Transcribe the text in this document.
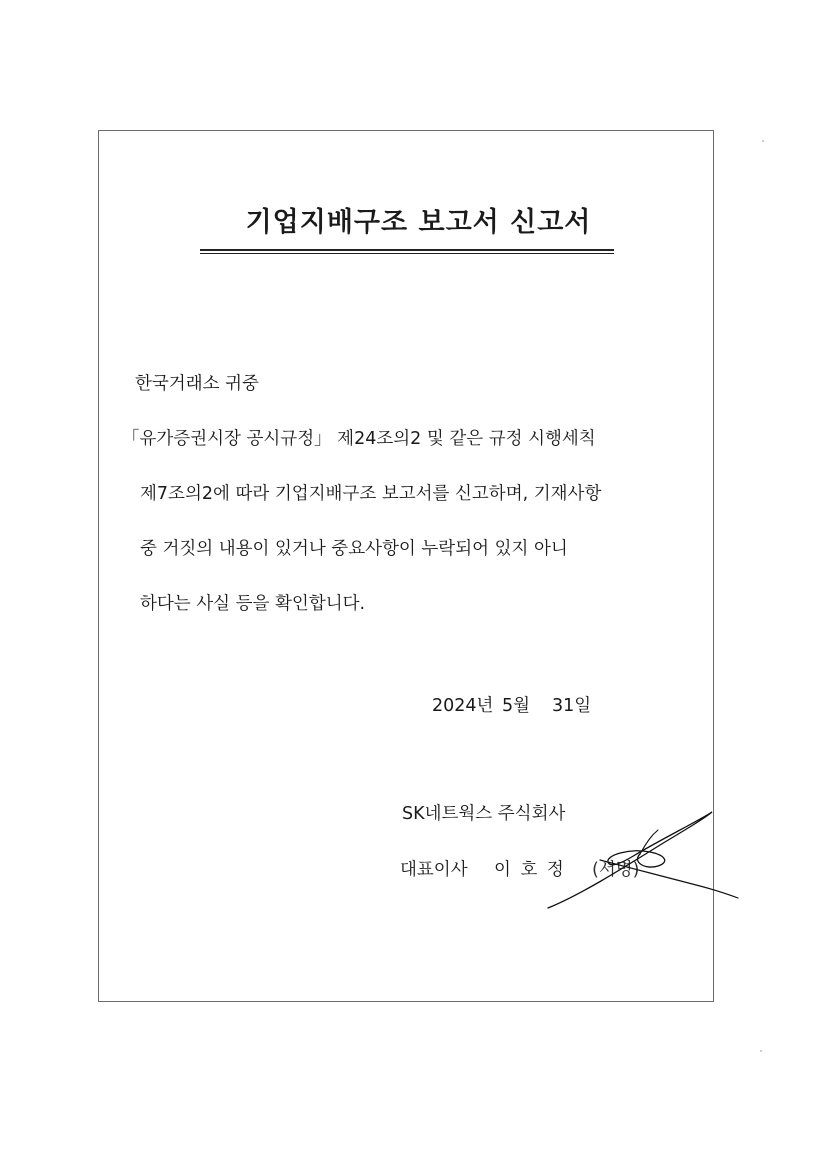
기업지배구조 보고서 신고서

한국거래소 귀중

「유가증권시장 공시규정」 제24조의2 및 같은 규정 시행세칙

제7조의2에 따라 기업지배구조 보고서를 신고하며, 기재사항

중 거짓의 내용이 있거나 중요사항이 누락되어 있지 아니

하다는 사실 등을 확인합니다.

2024년 5월 31일
SK네트웍스 주식회사
대표이사 이 호 정 (서명)
